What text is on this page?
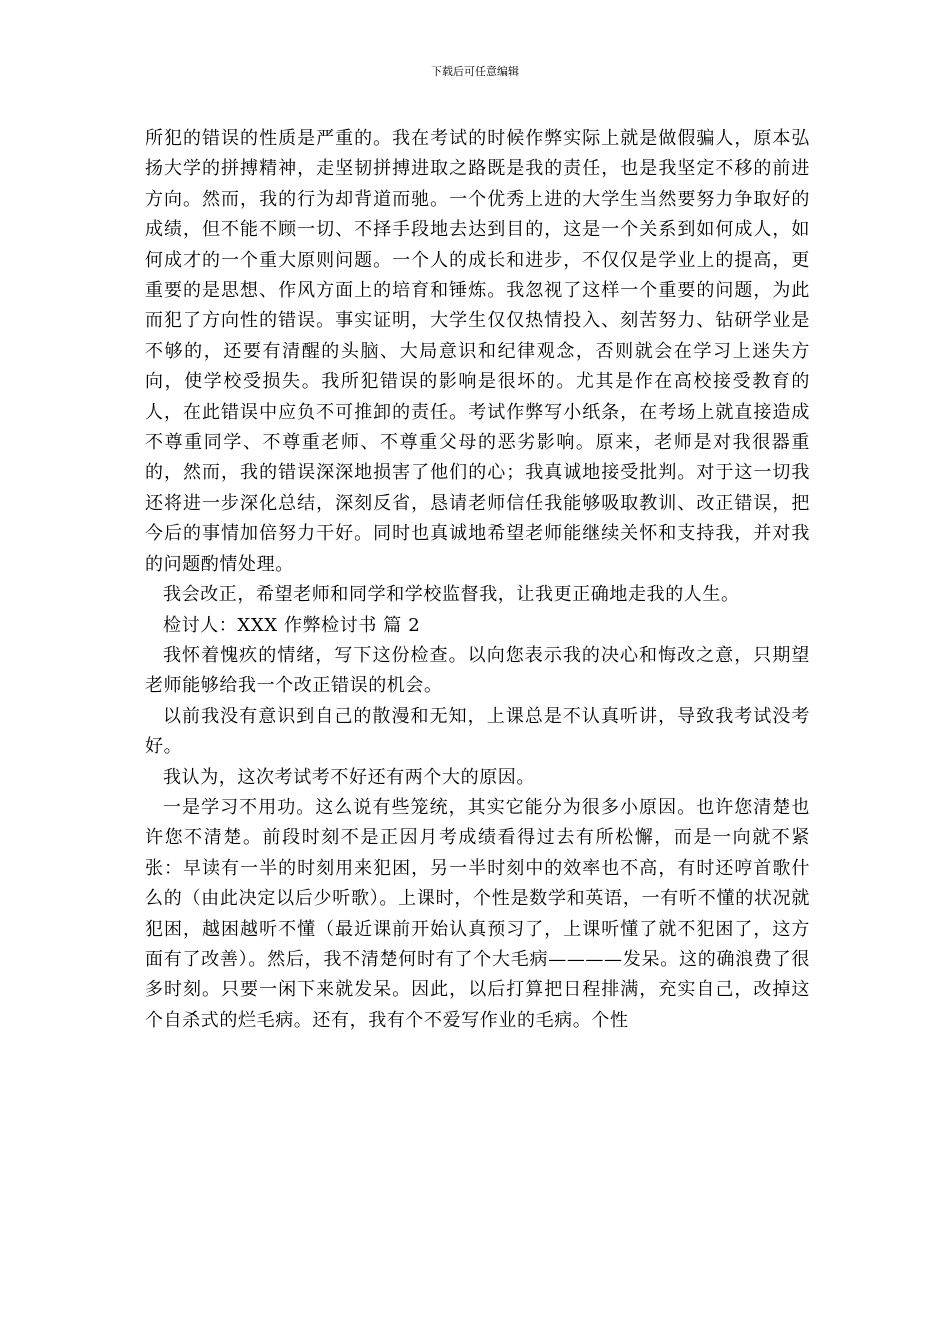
下载后可任意编辑

所犯的错误的性质是严重的。我在考试的时候作弊实际上就是做假骗人，原本弘扬大学的拼搏精神，走坚韧拼搏进取之路既是我的责任，也是我坚定不移的前进方向。然而，我的行为却背道而驰。一个优秀上进的大学生当然要努力争取好的成绩，但不能不顾一切、不择手段地去达到目的，这是一个关系到如何成人，如何成才的一个重大原则问题。一个人的成长和进步，不仅仅是学业上的提高，更重要的是思想、作风方面上的培育和锤炼。我忽视了这样一个重要的问题，为此而犯了方向性的错误。事实证明，大学生仅仅热情投入、刻苦努力、钻研学业是不够的，还要有清醒的头脑、大局意识和纪律观念，否则就会在学习上迷失方向，使学校受损失。我所犯错误的影响是很坏的。尤其是作在高校接受教育的人，在此错误中应负不可推卸的责任。考试作弊写小纸条，在考场上就直接造成不尊重同学、不尊重老师、不尊重父母的恶劣影响。原来，老师是对我很器重的，然而，我的错误深深地损害了他们的心；我真诚地接受批判。对于这一切我还将进一步深化总结，深刻反省，恳请老师信任我能够吸取教训、改正错误，把今后的事情加倍努力干好。同时也真诚地希望老师能继续关怀和支持我，并对我的问题酌情处理。

我会改正，希望老师和同学和学校监督我，让我更正确地走我的人生。

检讨人：XXX 作弊检讨书 篇 2

我怀着愧疚的情绪，写下这份检查。以向您表示我的决心和悔改之意，只期望老师能够给我一个改正错误的机会。

以前我没有意识到自己的散漫和无知，上课总是不认真听讲，导致我考试没考好。

我认为，这次考试考不好还有两个大的原因。

一是学习不用功。这么说有些笼统，其实它能分为很多小原因。也许您清楚也许您不清楚。前段时刻不是正因月考成绩看得过去有所松懈，而是一向就不紧张：早读有一半的时刻用来犯困，另一半时刻中的效率也不高，有时还哼首歌什么的（由此决定以后少听歌）。上课时，个性是数学和英语，一有听不懂的状况就犯困，越困越听不懂（最近课前开始认真预习了，上课听懂了就不犯困了，这方面有了改善）。然后，我不清楚何时有了个大毛病————发呆。这的确浪费了很多时刻。只要一闲下来就发呆。因此，以后打算把日程排满，充实自己，改掉这个自杀式的烂毛病。还有，我有个不爱写作业的毛病。个性
